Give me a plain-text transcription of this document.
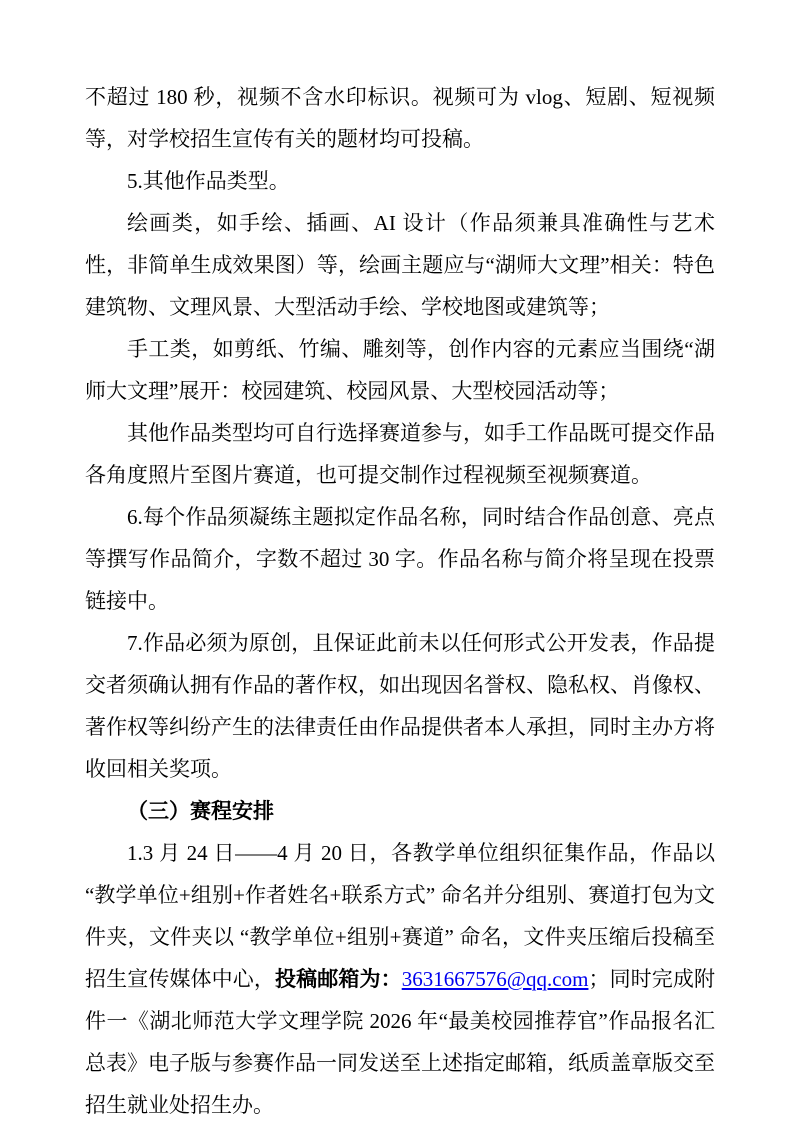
不超过 180 秒，视频不含水印标识。视频可为 vlog、短剧、短视频等，对学校招生宣传有关的题材均可投稿。

5.其他作品类型。

绘画类，如手绘、插画、AI 设计（作品须兼具准确性与艺术性，非简单生成效果图）等，绘画主题应与“湖师大文理”相关：特色建筑物、文理风景、大型活动手绘、学校地图或建筑等；

手工类，如剪纸、竹编、雕刻等，创作内容的元素应当围绕“湖师大文理”展开：校园建筑、校园风景、大型校园活动等；

其他作品类型均可自行选择赛道参与，如手工作品既可提交作品各角度照片至图片赛道，也可提交制作过程视频至视频赛道。

6.每个作品须凝练主题拟定作品名称，同时结合作品创意、亮点等撰写作品简介，字数不超过 30 字。作品名称与简介将呈现在投票链接中。

7.作品必须为原创，且保证此前未以任何形式公开发表，作品提交者须确认拥有作品的著作权，如出现因名誉权、隐私权、肖像权、著作权等纠纷产生的法律责任由作品提供者本人承担，同时主办方将收回相关奖项。

（三）赛程安排

1.3 月 24 日——4 月 20 日，各教学单位组织征集作品，作品以 “教学单位+组别+作者姓名+联系方式” 命名并分组别、赛道打包为文件夹，文件夹以 “教学单位+组别+赛道” 命名，文件夹压缩后投稿至招生宣传媒体中心，投稿邮箱为：3631667576@qq.com；同时完成附件一《湖北师范大学文理学院 2026 年“最美校园推荐官”作品报名汇总表》电子版与参赛作品一同发送至上述指定邮箱，纸质盖章版交至招生就业处招生办。
